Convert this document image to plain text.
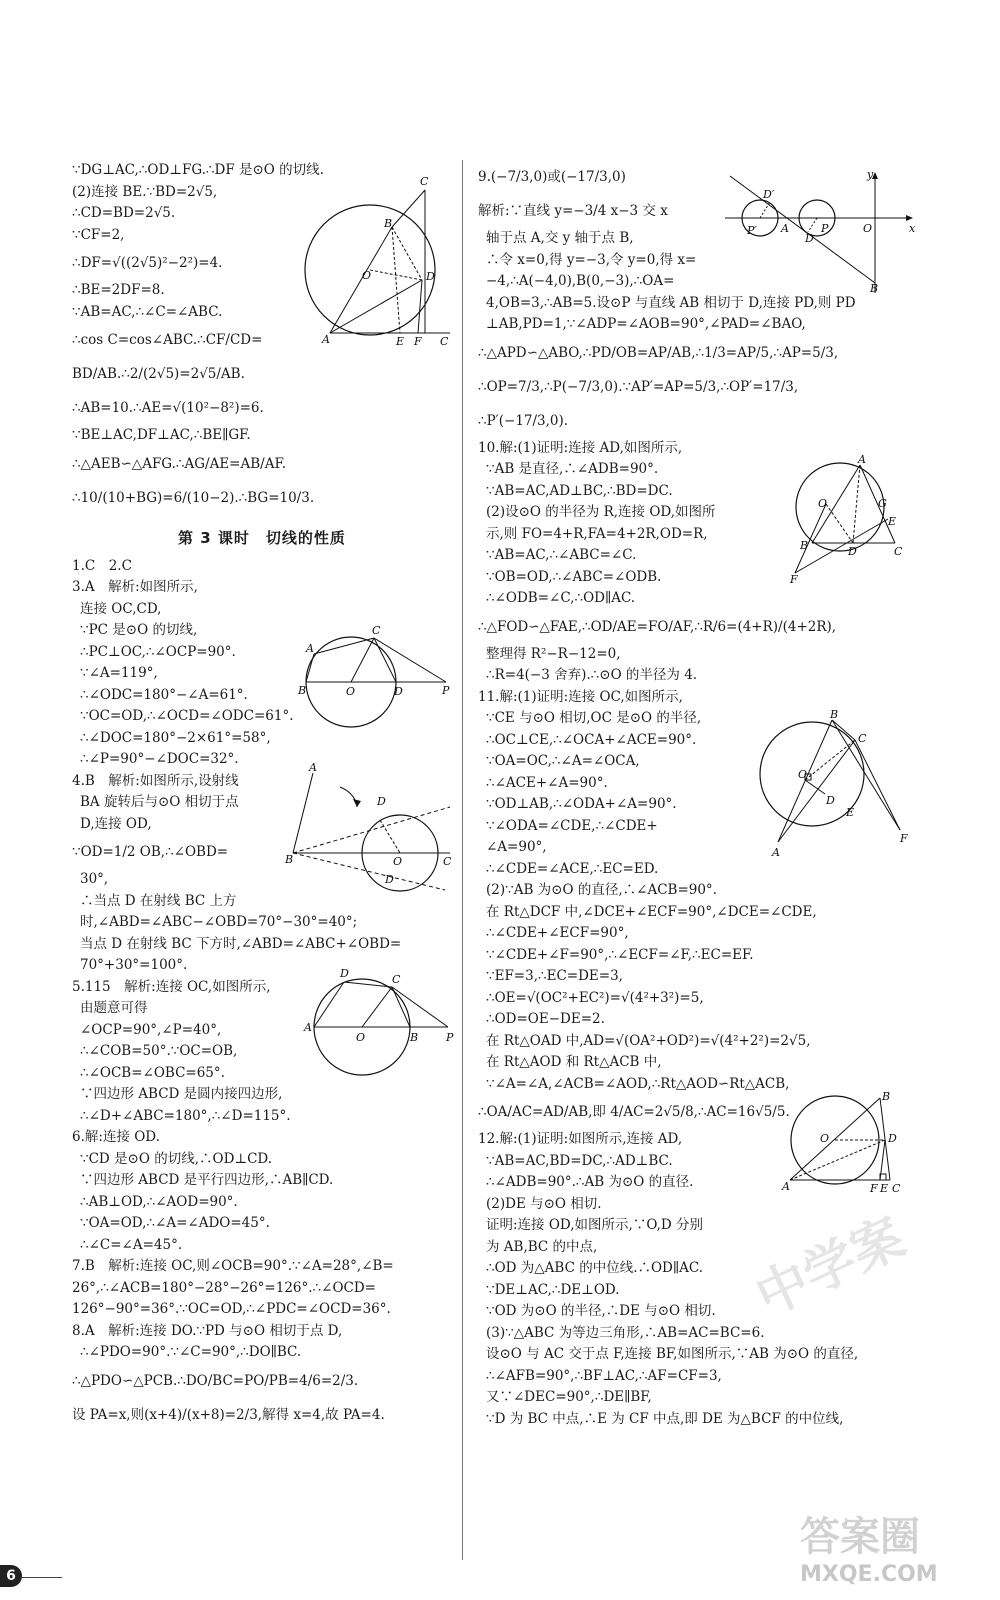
∵DG⊥AC,∴OD⊥FG.∴DF 是⊙O 的切线.
(2)连接 BE.∵BD=2√5,
∴CD=BD=2√5.
∵CF=2,
∴DF=√((2√5)²−2²)=4.
∴BE=2DF=8.
∵AB=AC,∴∠C=∠ABC.
∴cos C=cos∠ABC.∴CF/CD=
BD/AB.∴2/(2√5)=2√5/AB.
∴AB=10.∴AE=√(10²−8²)=6.
∵BE⊥AC,DF⊥AC,∴BE∥GF.
∴△AEB∽△AFG.∴AG/AE=AB/AF.
∴10/(10+BG)=6/(10−2).∴BG=10/3.
第 3 课时　切线的性质
1.C　2.C
3.A　解析:如图所示,
连接 OC,CD,
∵PC 是⊙O 的切线,
∴PC⊥OC,∴∠OCP=90°.
∵∠A=119°,
∴∠ODC=180°−∠A=61°.
∵OC=OD,∴∠OCD=∠ODC=61°.
∴∠DOC=180°−2×61°=58°,
∴∠P=90°−∠DOC=32°.
4.B　解析:如图所示,设射线
BA 旋转后与⊙O 相切于点
D,连接 OD,
∵OD=1/2 OB,∴∠OBD=
30°,
∴当点 D 在射线 BC 上方
时,∠ABD=∠ABC−∠OBD=70°−30°=40°;
当点 D 在射线 BC 下方时,∠ABD=∠ABC+∠OBD=
70°+30°=100°.
5.115　解析:连接 OC,如图所示,
由题意可得
∠OCP=90°,∠P=40°,
∴∠COB=50°.∵OC=OB,
∴∠OCB=∠OBC=65°.
∵四边形 ABCD 是圆内接四边形,
∴∠D+∠ABC=180°,∴∠D=115°.
6.解:连接 OD.
∵CD 是⊙O 的切线,∴OD⊥CD.
∵四边形 ABCD 是平行四边形,∴AB∥CD.
∴AB⊥OD,∴∠AOD=90°.
∵OA=OD,∴∠A=∠ADO=45°.
∴∠C=∠A=45°.
7.B　解析:连接 OC,则∠OCB=90°.∵∠A=28°,∠B=
26°,∴∠ACB=180°−28°−26°=126°.∴∠OCD=
126°−90°=36°.∵OC=OD,∴∠PDC=∠OCD=36°.
8.A　解析:连接 DO.∵PD 与⊙O 相切于点 D,
∴∠PDO=90°.∵∠C=90°,∴DO∥BC.
∴△PDO∽△PCB.∴DO/BC=PO/PB=4/6=2/3.
设 PA=x,则(x+4)/(x+8)=2/3,解得 x=4,故 PA=4.
9.(−7/3,0)或(−17/3,0)
解析:∵直线 y=−3/4 x−3 交 x
轴于点 A,交 y 轴于点 B,
∴令 x=0,得 y=−3,令 y=0,得 x=
−4,∴A(−4,0),B(0,−3),∴OA=
4,OB=3,∴AB=5.设⊙P 与直线 AB 相切于 D,连接 PD,则 PD
⊥AB,PD=1,∵∠ADP=∠AOB=90°,∠PAD=∠BAO,
∴△APD∽△ABO,∴PD/OB=AP/AB,∴1/3=AP/5,∴AP=5/3,
∴OP=7/3,∴P(−7/3,0).∵AP′=AP=5/3,∴OP′=17/3,
∴P′(−17/3,0).
10.解:(1)证明:连接 AD,如图所示,
∵AB 是直径,∴∠ADB=90°.
∵AB=AC,AD⊥BC,∴BD=DC.
(2)设⊙O 的半径为 R,连接 OD,如图所
示,则 FO=4+R,FA=4+2R,OD=R,
∵AB=AC,∴∠ABC=∠C.
∵OB=OD,∴∠ABC=∠ODB.
∴∠ODB=∠C,∴OD∥AC.
∴△FOD∽△FAE,∴OD/AE=FO/AF,∴R/6=(4+R)/(4+2R),
整理得 R²−R−12=0,
∴R=4(−3 舍弃).∴⊙O 的半径为 4.
11.解:(1)证明:连接 OC,如图所示,
∵CE 与⊙O 相切,OC 是⊙O 的半径,
∴OC⊥CE,∴∠OCA+∠ACE=90°.
∵OA=OC,∴∠A=∠OCA,
∴∠ACE+∠A=90°.
∵OD⊥AB,∴∠ODA+∠A=90°.
∵∠ODA=∠CDE,∴∠CDE+
∠A=90°,
∴∠CDE=∠ACE,∴EC=ED.
(2)∵AB 为⊙O 的直径,∴∠ACB=90°.
在 Rt△DCF 中,∠DCE+∠ECF=90°,∠DCE=∠CDE,
∴∠CDE+∠ECF=90°,
∵∠CDE+∠F=90°,∴∠ECF=∠F,∴EC=EF.
∵EF=3,∴EC=DE=3,
∴OE=√(OC²+EC²)=√(4²+3²)=5,
∴OD=OE−DE=2.
在 Rt△OAD 中,AD=√(OA²+OD²)=√(4²+2²)=2√5,
在 Rt△AOD 和 Rt△ACB 中,
∵∠A=∠A,∠ACB=∠AOD,∴Rt△AOD∽Rt△ACB,
∴OA/AC=AD/AB,即 4/AC=2√5/8,∴AC=16√5/5.
12.解:(1)证明:如图所示,连接 AD,
∵AB=AC,BD=DC,∴AD⊥BC.
∴∠ADB=90°.∴AB 为⊙O 的直径.
(2)DE 与⊙O 相切.
证明:连接 OD,如图所示,∵O,D 分别
为 AB,BC 的中点,
∴OD 为△ABC 的中位线.∴OD∥AC.
∵DE⊥AC,∴DE⊥OD.
∵OD 为⊙O 的半径,∴DE 与⊙O 相切.
(3)∵△ABC 为等边三角形,∴AB=AC=BC=6.
设⊙O 与 AC 交于点 F,连接 BF,如图所示,∵AB 为⊙O 的直径,
∴∠AFB=90°,∴BF⊥AC,∴AF=CF=3,
又∵∠DEC=90°,∴DE∥BF,
∵D 为 BC 中点,∴E 为 CF 中点,即 DE 为△BCF 的中位线,
C
B
O	D
A	E F C
A
C
B	O	D	P
A
D
B	O	C
D
D	C
A
O	B	P
y
x
D′
P′ A
D
P	O
B
A
O	G
E
B	D	C
F
B
C
O
D
E
F
A
B
O	D
A	F E C
6
中学案
答案圈
MXQE.COM
